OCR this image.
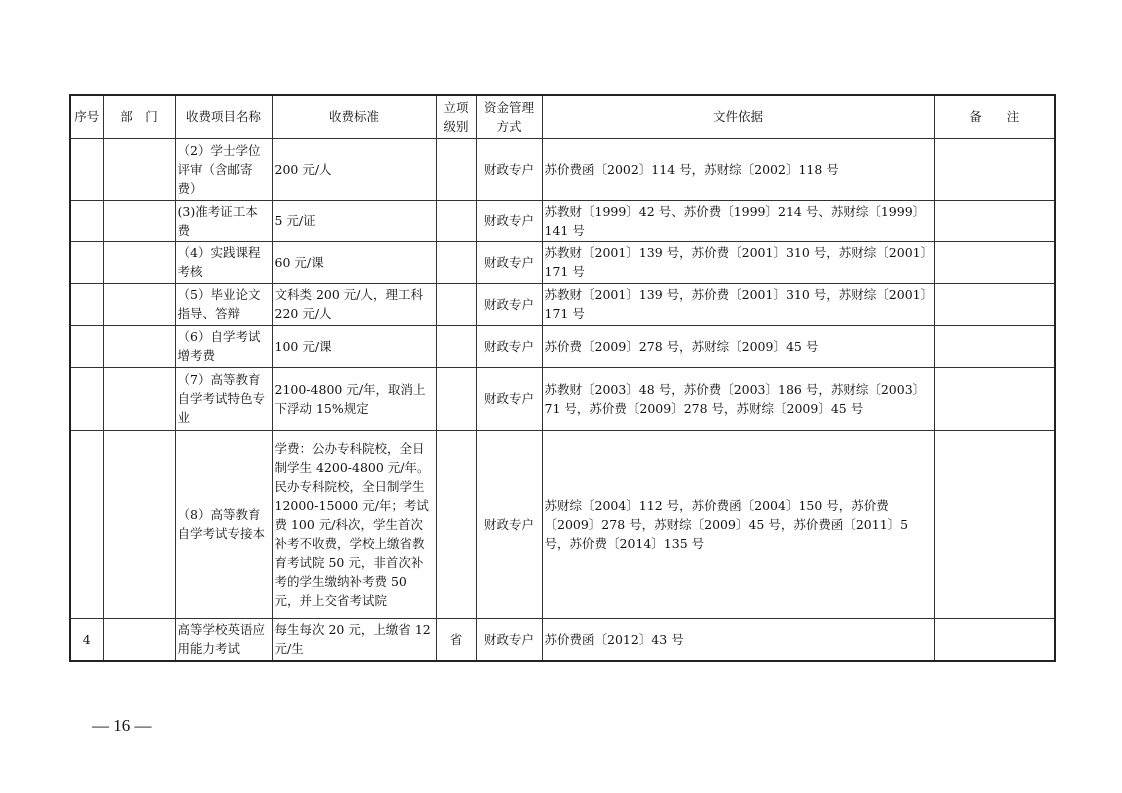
序号	部　门	收费项目名称	收费标准	立项级别	资金管理方式	文件依据	备　　注
		（2）学士学位评审（含邮寄费）	200 元/人		财政专户	苏价费函〔2002〕114 号，苏财综〔2002〕118 号	
		(3)准考证工本费	5 元/证		财政专户	苏教财〔1999〕42 号、苏价费〔1999〕214 号、苏财综〔1999〕141 号	
		（4）实践课程考核	60 元/课		财政专户	苏教财〔2001〕139 号，苏价费〔2001〕310 号，苏财综〔2001〕171 号	
		（5）毕业论文指导、答辩	文科类 200 元/人，理工科 220 元/人		财政专户	苏教财〔2001〕139 号，苏价费〔2001〕310 号，苏财综〔2001〕171 号	
		（6）自学考试增考费	100 元/课		财政专户	苏价费〔2009〕278 号，苏财综〔2009〕45 号	
		（7）高等教育自学考试特色专业	2100-4800 元/年，取消上下浮动 15%规定		财政专户	苏教财〔2003〕48 号，苏价费〔2003〕186 号，苏财综〔2003〕71 号，苏价费〔2009〕278 号，苏财综〔2009〕45 号	
		（8）高等教育自学考试专接本	学费：公办专科院校，全日制学生 4200-4800 元/年。民办专科院校，全日制学生 12000-15000 元/年；考试费 100 元/科次，学生首次补考不收费，学校上缴省教育考试院 50 元，非首次补考的学生缴纳补考费 50 元，并上交省考试院		财政专户	苏财综〔2004〕112 号，苏价费函〔2004〕150 号，苏价费〔2009〕278 号，苏财综〔2009〕45 号，苏价费函〔2011〕5 号，苏价费〔2014〕135 号	
4		高等学校英语应用能力考试	每生每次 20 元，上缴省 12 元/生	省	财政专户	苏价费函〔2012〕43 号	
— 16 —
